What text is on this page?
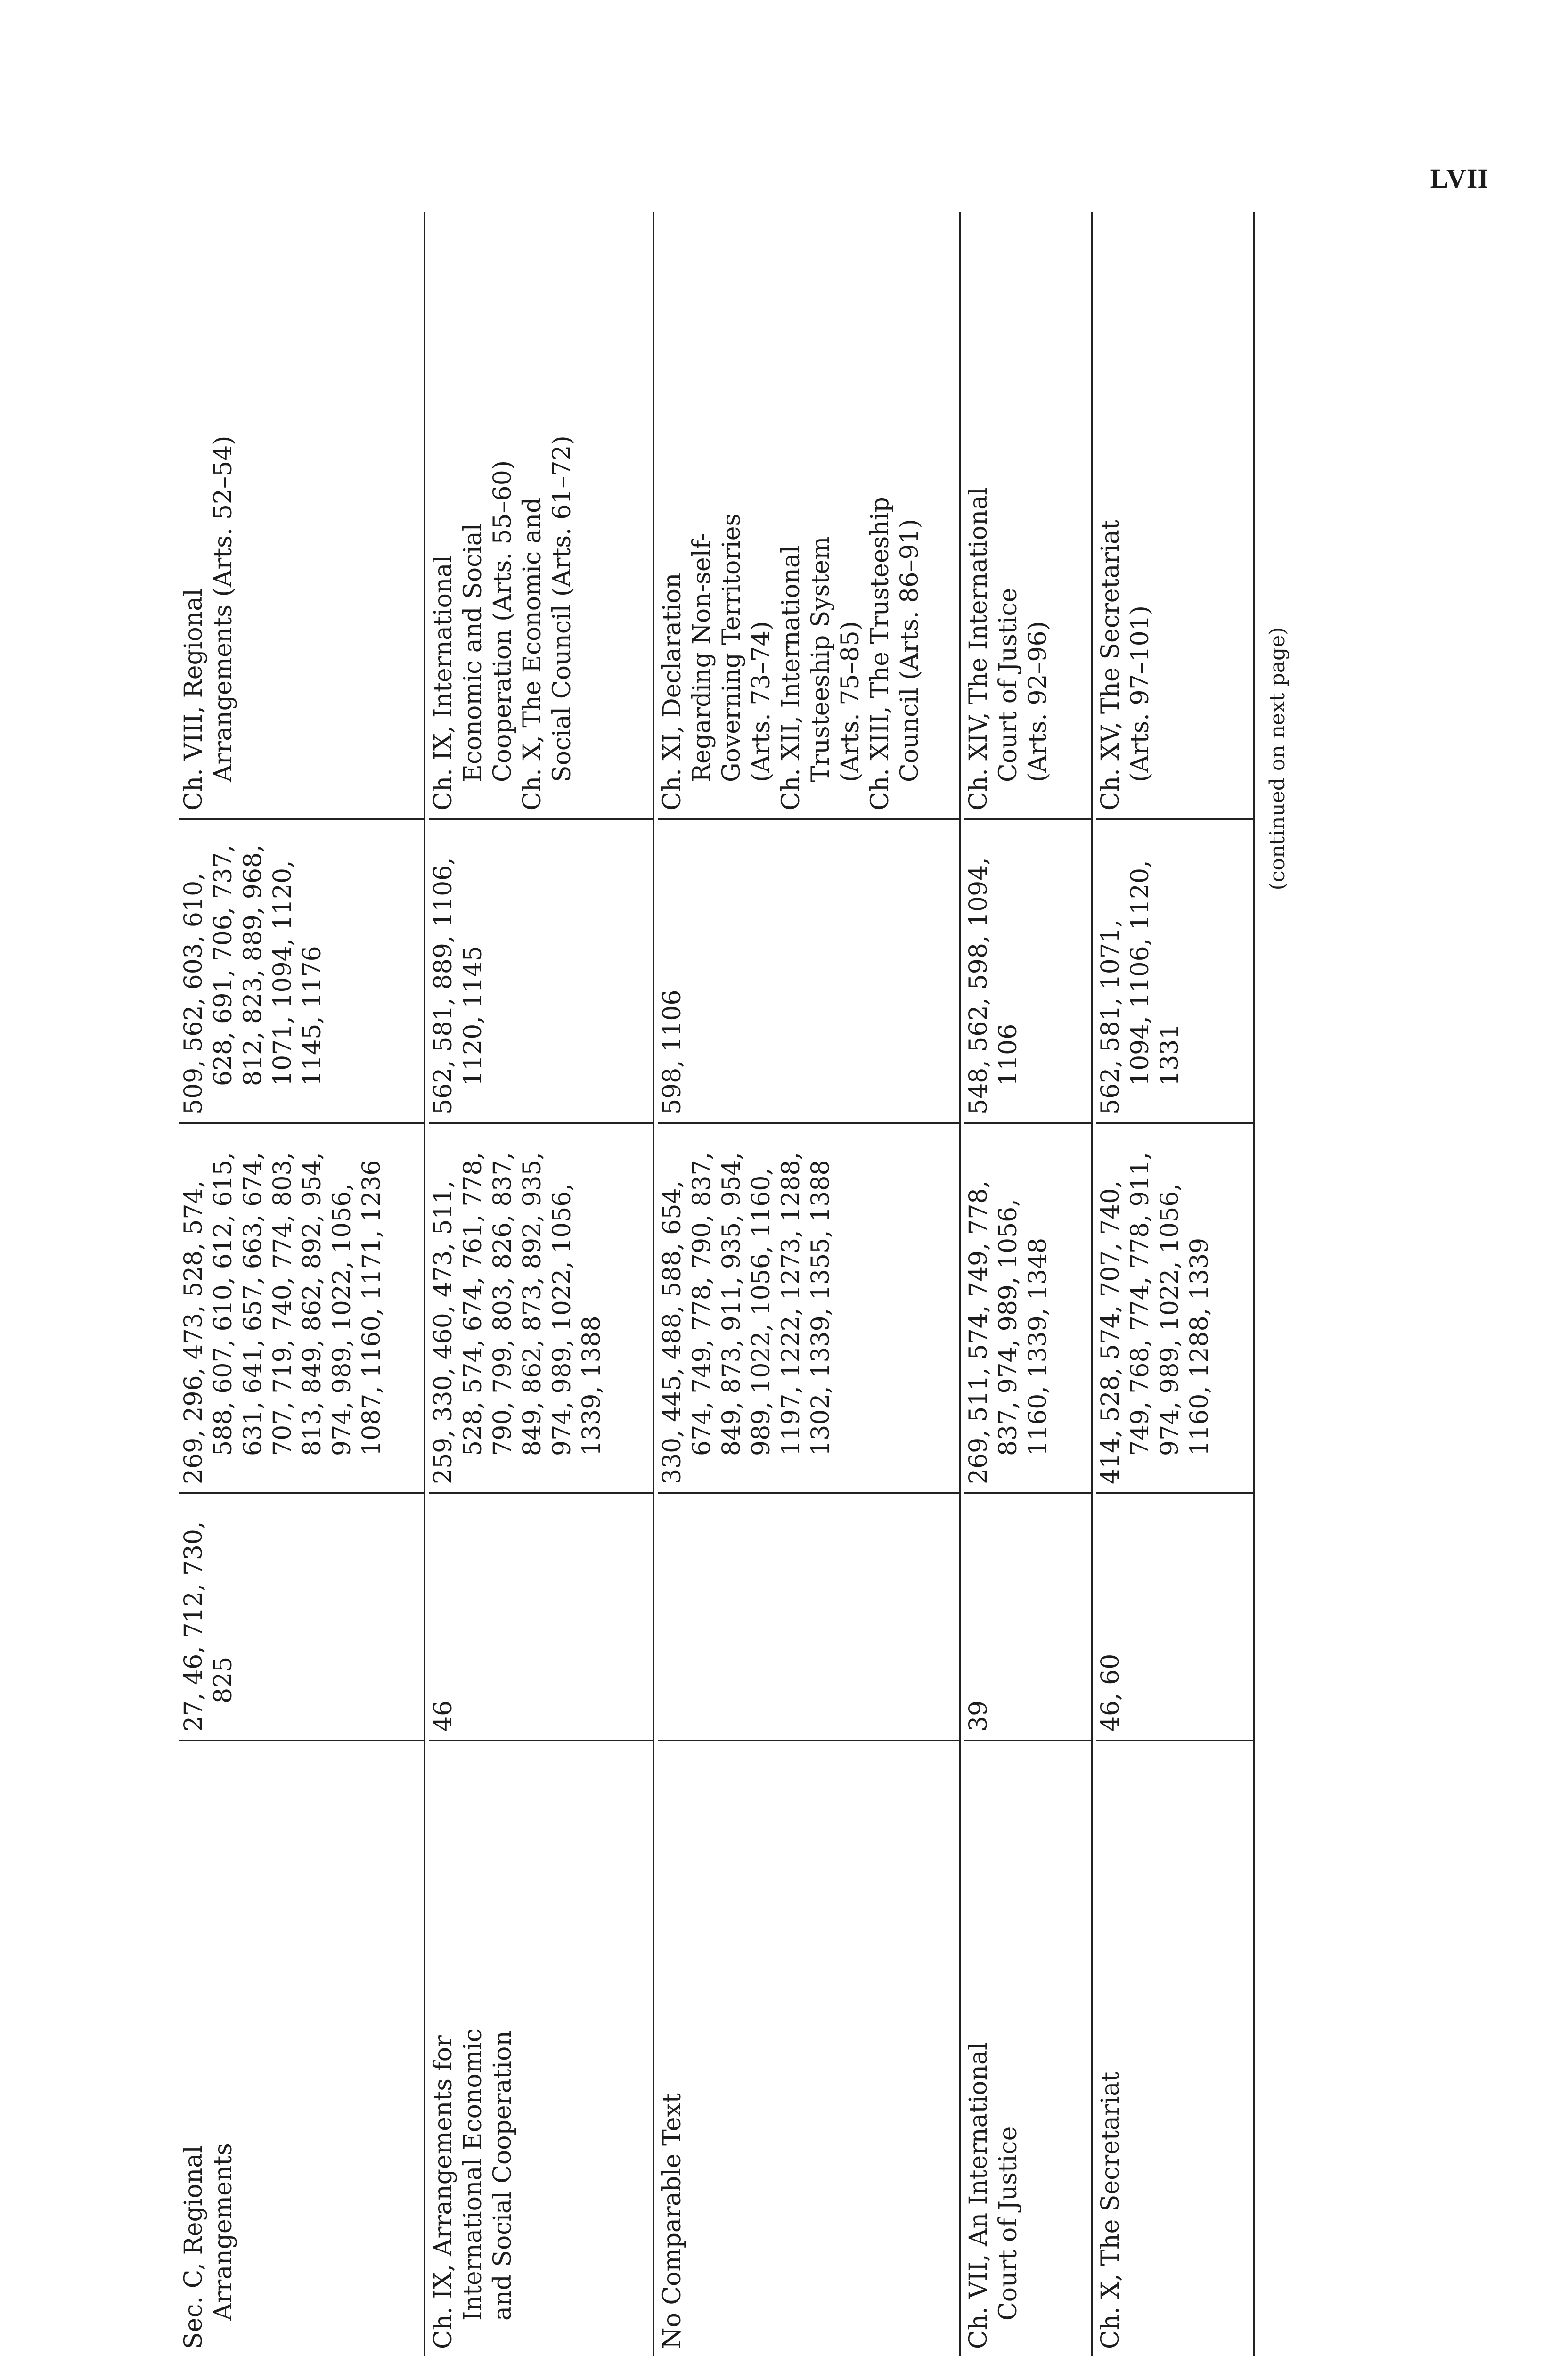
LVII
Sec. C, Regional Arrangements
27, 46, 712, 730, 825
269, 296, 473, 528, 574, 588, 607, 610, 612, 615, 631, 641, 657, 663, 674, 707, 719, 740, 774, 803, 813, 849, 862, 892, 954, 974, 989, 1022, 1056, 1087, 1160, 1171, 1236
509, 562, 603, 610, 628, 691, 706, 737, 812, 823, 889, 968, 1071, 1094, 1120, 1145, 1176
Ch. VIII, Regional Arrangements (Arts. 52–54)
Ch. IX, Arrangements for International Economic and Social Cooperation
46
259, 330, 460, 473, 511, 528, 574, 674, 761, 778, 790, 799, 803, 826, 837, 849, 862, 873, 892, 935, 974, 989, 1022, 1056, 1339, 1388
562, 581, 889, 1106, 1120, 1145
Ch. IX, International Economic and Social Cooperation (Arts. 55–60) Ch. X, The Economic and Social Council (Arts. 61–72)
No Comparable Text
330, 445, 488, 588, 654, 674, 749, 778, 790, 837, 849, 873, 911, 935, 954, 989, 1022, 1056, 1160, 1197, 1222, 1273, 1288, 1302, 1339, 1355, 1388
598, 1106
Ch. XI, Declaration Regarding Non-self- Governing Territories (Arts. 73–74) Ch. XII, International Trusteeship System (Arts. 75–85) Ch. XIII, The Trusteeship Council (Arts. 86–91)
Ch. VII, An International Court of Justice
39
269, 511, 574, 749, 778, 837, 974, 989, 1056, 1160, 1339, 1348
548, 562, 598, 1094, 1106
Ch. XIV, The International Court of Justice (Arts. 92–96)
Ch. X, The Secretariat
46, 60
414, 528, 574, 707, 740, 749, 768, 774, 778, 911, 974, 989, 1022, 1056, 1160, 1288, 1339
562, 581, 1071, 1094, 1106, 1120, 1331
Ch. XV, The Secretariat (Arts. 97–101)	(continued on next page)
